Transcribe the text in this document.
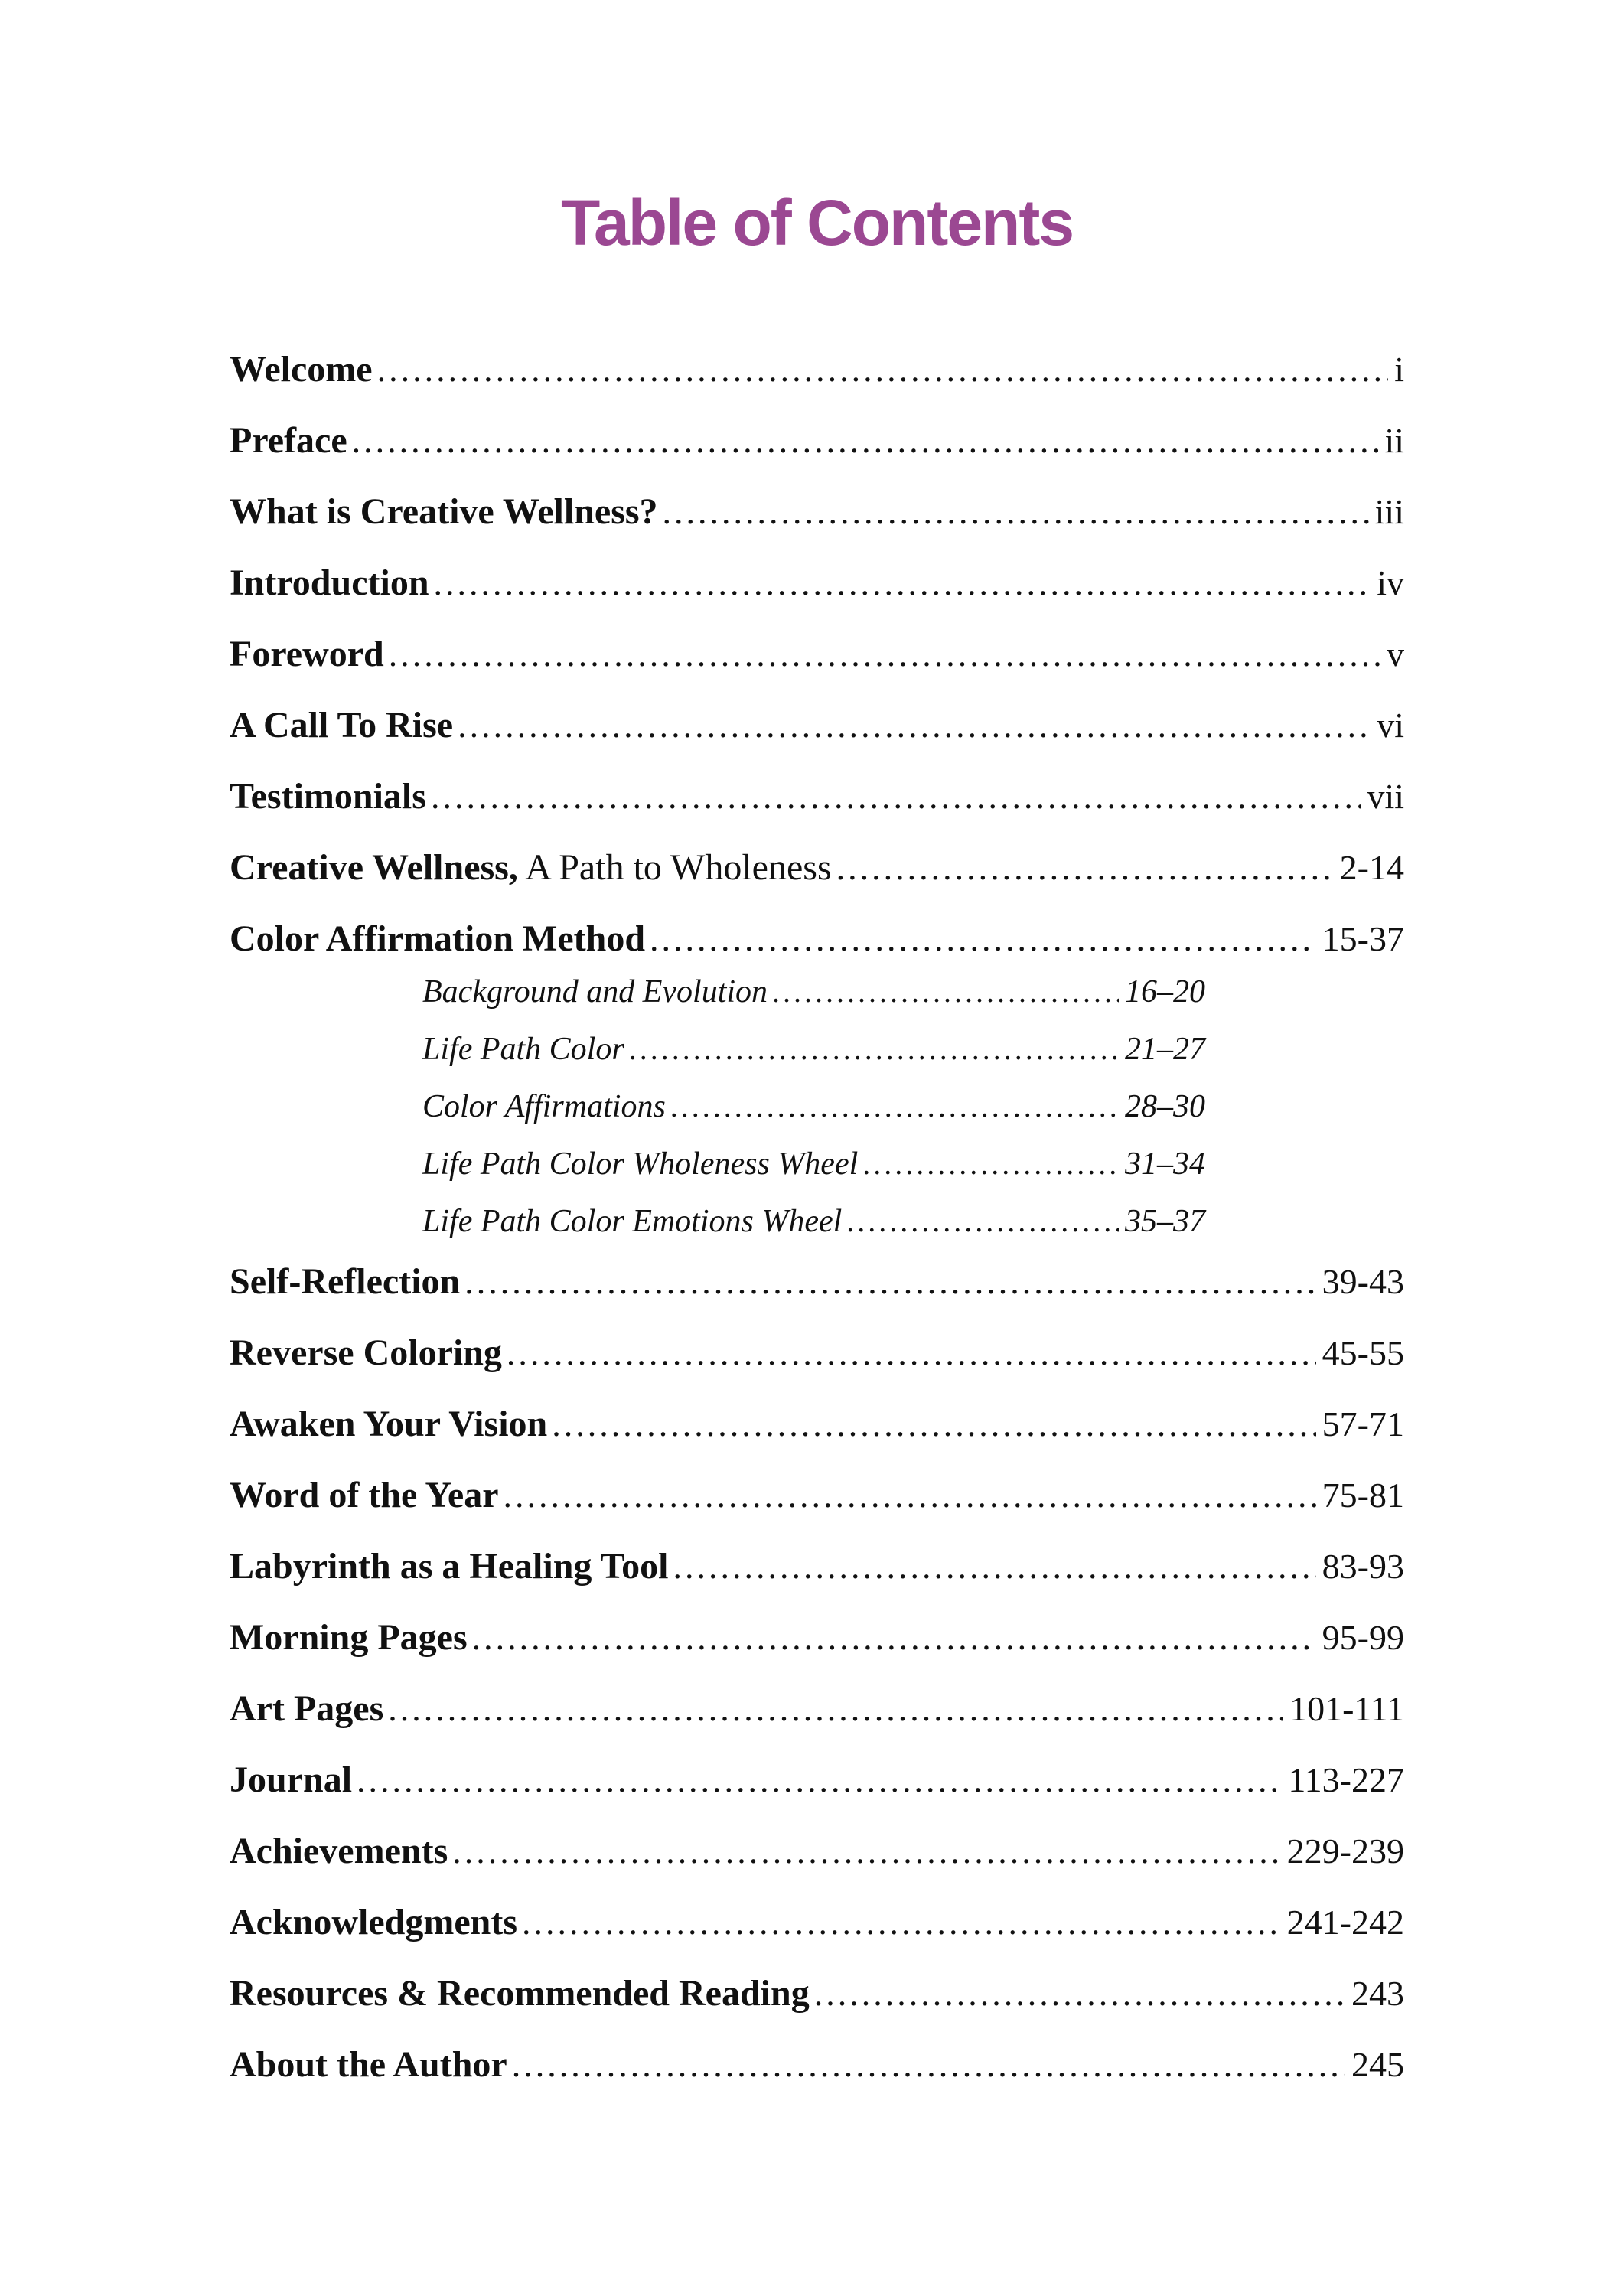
Table of Contents
Welcome .....	i
Preface .....	ii
What is Creative Wellness? .....	iii
Introduction .....	iv
Foreword .....	v
A Call To Rise .....	vi
Testimonials .....	vii
Creative Wellness, A Path to Wholeness .....	2-14
Color Affirmation Method .....	15-37
Background and Evolution .....	16–20
Life Path Color .....	21–27
Color Affirmations .....	28–30
Life Path Color Wholeness Wheel .....	31–34
Life Path Color Emotions Wheel .....	35–37
Self-Reflection .....	39-43
Reverse Coloring .....	45-55
Awaken Your Vision .....	57-71
Word of the Year .....	75-81
Labyrinth as a Healing Tool .....	83-93
Morning Pages .....	95-99
Art Pages .....	101-111
Journal .....	113-227
Achievements .....	229-239
Acknowledgments .....	241-242
Resources & Recommended Reading .....	243
About the Author .....	245
